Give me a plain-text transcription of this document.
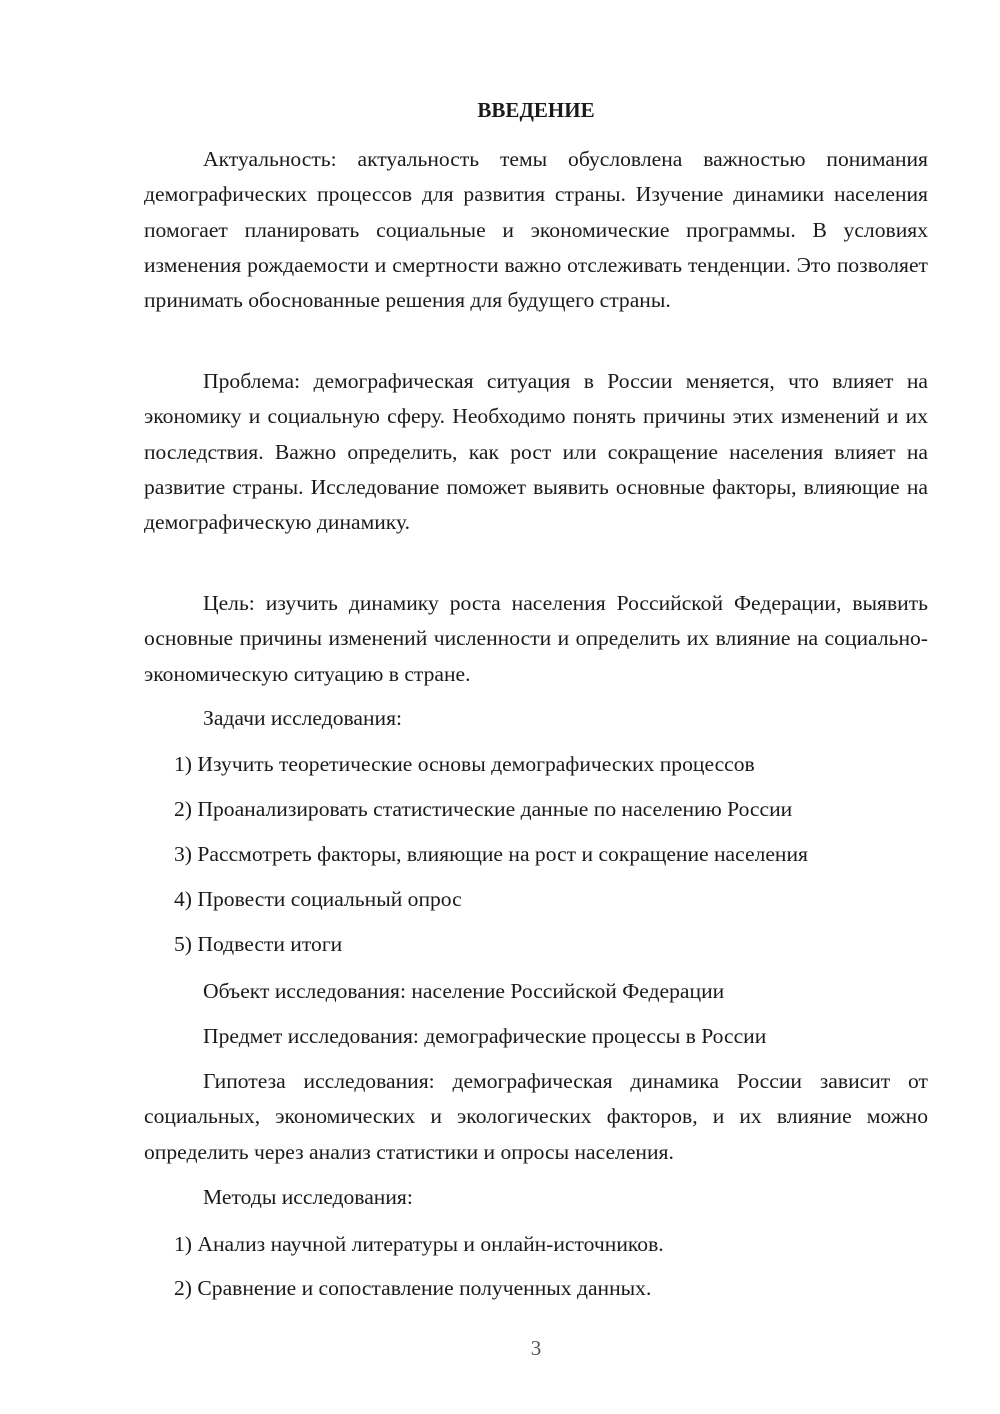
ВВЕДЕНИЕ

Актуальность: актуальность темы обусловлена важностью понимания демографических процессов для развития страны. Изучение динамики населения помогает планировать социальные и экономические программы. В условиях изменения рождаемости и смертности важно отслеживать тенденции. Это позволяет принимать обоснованные решения для будущего страны.

Проблема: демографическая ситуация в России меняется, что влияет на экономику и социальную сферу. Необходимо понять причины этих изменений и их последствия. Важно определить, как рост или сокращение населения влияет на развитие страны. Исследование поможет выявить основные факторы, влияющие на демографическую динамику.

Цель: изучить динамику роста населения Российской Федерации, выявить основные причины изменений численности и определить их влияние на социально-экономическую ситуацию в стране.

Задачи исследования:

1) Изучить теоретические основы демографических процессов

2) Проанализировать статистические данные по населению России

3) Рассмотреть факторы, влияющие на рост и сокращение населения

4) Провести социальный опрос

5) Подвести итоги

Объект исследования: население Российской Федерации

Предмет исследования: демографические процессы в России

Гипотеза исследования: демографическая динамика России зависит от социальных, экономических и экологических факторов, и их влияние можно определить через анализ статистики и опросы населения.

Методы исследования:

1) Анализ научной литературы и онлайн-источников.

2) Сравнение и сопоставление полученных данных.

3
